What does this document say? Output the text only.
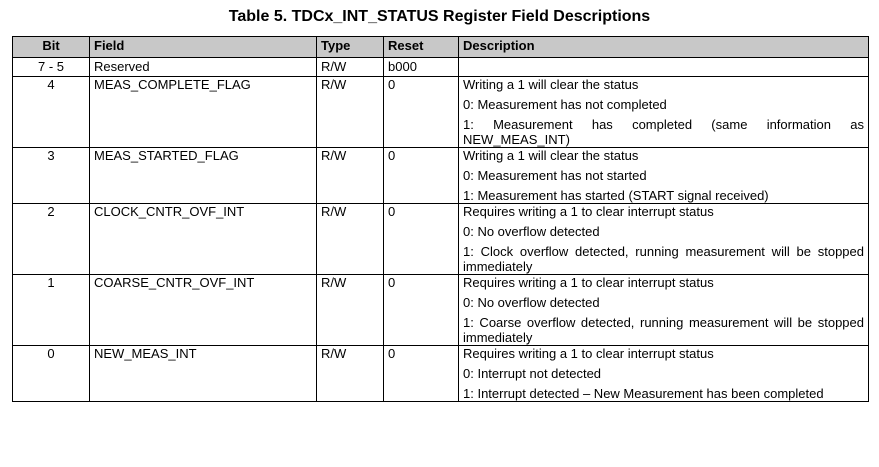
Table 5. TDCx_INT_STATUS Register Field Descriptions
Bit	Field	Type	Reset	Description
7 - 5	Reserved	R/W	b000	
4	MEAS_COMPLETE_FLAG	R/W	0	Writing a 1 will clear the status
0: Measurement has not completed
1: Measurement has completed (same information as NEW_MEAS_INT)

3	MEAS_STARTED_FLAG	R/W	0	Writing a 1 will clear the status
0: Measurement has not started
1: Measurement has started (START signal received)

2	CLOCK_CNTR_OVF_INT	R/W	0	Requires writing a 1 to clear interrupt status
0: No overflow detected
1: Clock overflow detected, running measurement will be stopped immediately

1	COARSE_CNTR_OVF_INT	R/W	0	Requires writing a 1 to clear interrupt status
0: No overflow detected
1: Coarse overflow detected, running measurement will be stopped immediately

0	NEW_MEAS_INT	R/W	0	Requires writing a 1 to clear interrupt status
0: Interrupt not detected
1: Interrupt detected – New Measurement has been completed
